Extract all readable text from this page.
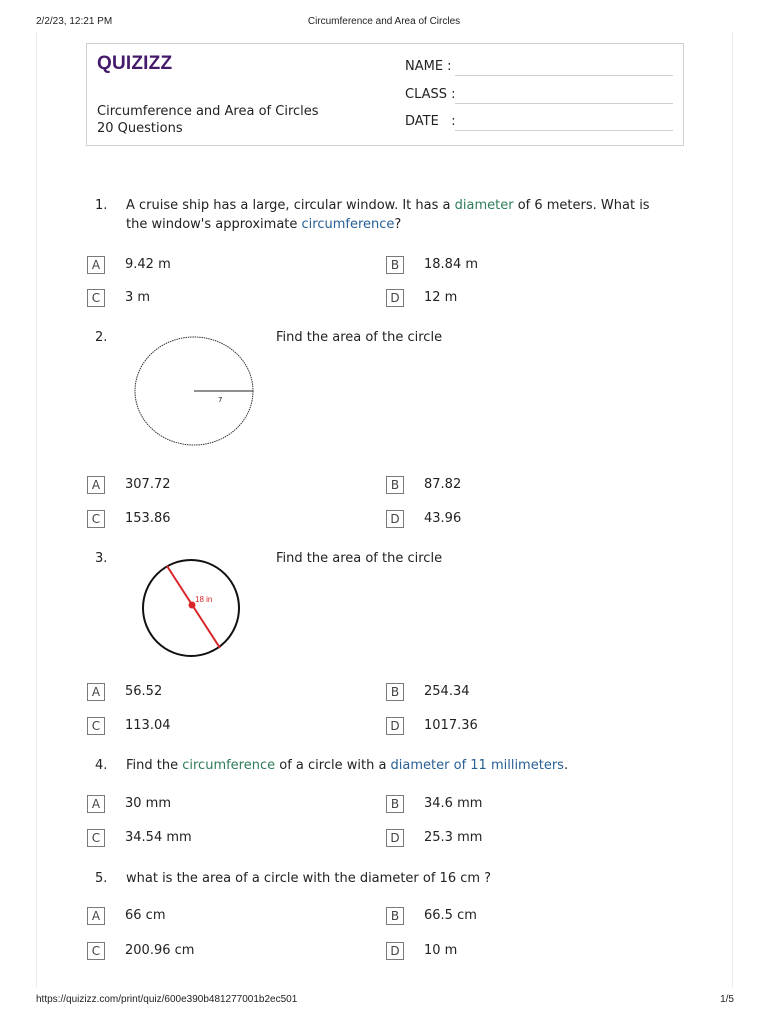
2/2/23, 12:21 PM	Circumference and Area of Circles
QUIZIZZ
Circumference and Area of Circles
20 Questions
NAME :
CLASS :
DATE   :
1. A cruise ship has a large, circular window. It has a diameter of 6 meters. What is the window's approximate circumference?
A	9.42 m	B	18.84 m
C	3 m	D	12 m
2.
7
Find the area of the circle
A	307.72	B	87.82
C	153.86	D	43.96
3.
18 in
Find the area of the circle
A	56.52	B	254.34
C	113.04	D	1017.36
4. Find the circumference of a circle with a diameter of 11 millimeters.
A	30 mm	B	34.6 mm
C	34.54 mm	D	25.3 mm
5. what is the area of a circle with the diameter of 16 cm ?
A	66 cm	B	66.5 cm
C	200.96 cm	D	10 m
https://quizizz.com/print/quiz/600e390b481277001b2ec501	1/5
